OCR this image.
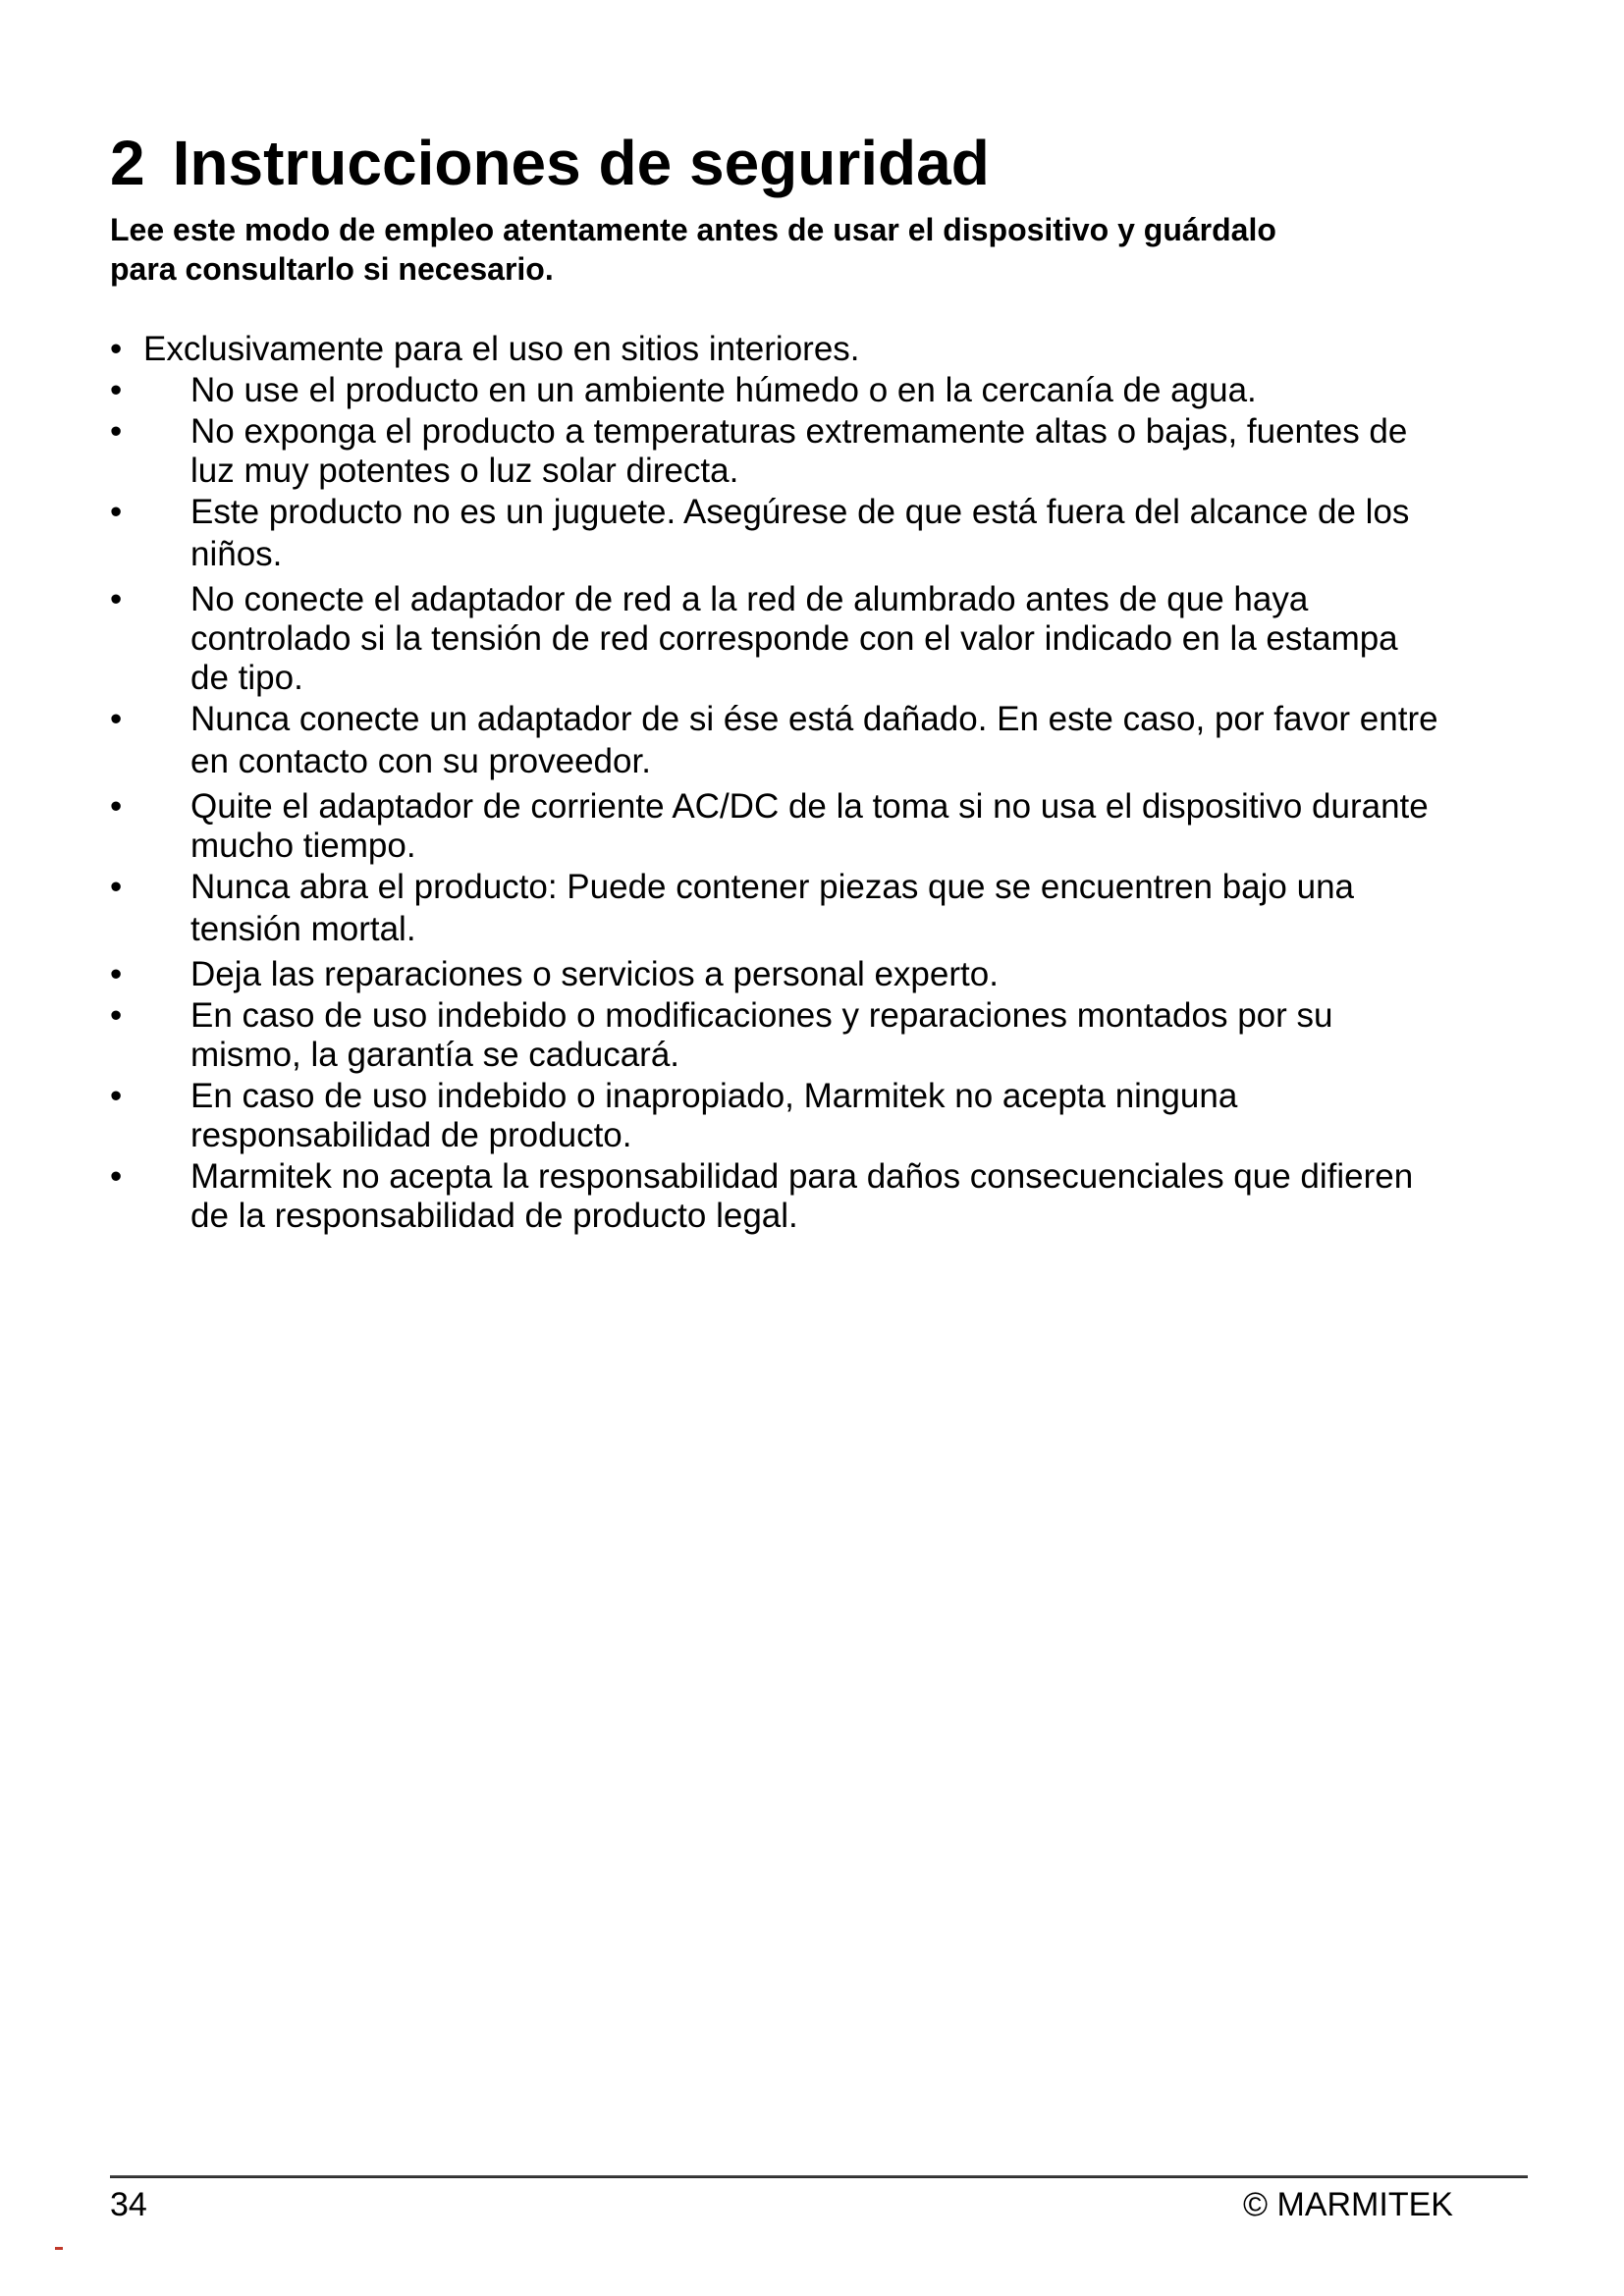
2 Instrucciones de seguridad

Lee este modo de empleo atentamente antes de usar el dispositivo y guárdalo
para consultarlo si necesario.

• Exclusivamente para el uso en sitios interiores.
•	No use el producto en un ambiente húmedo o en la cercanía de agua.
•	No exponga el producto a temperaturas extremamente altas o bajas, fuentes de
luz muy potentes o luz solar directa.
•	Este producto no es un juguete. Asegúrese de que está fuera del alcance de los
niños.
•	No conecte el adaptador de red a la red de alumbrado antes de que haya
controlado si la tensión de red corresponde con el valor indicado en la estampa
de tipo.
•	Nunca conecte un adaptador de si ése está dañado. En este caso, por favor entre
en contacto con su proveedor.
•	Quite el adaptador de corriente AC/DC de la toma si no usa el dispositivo durante
mucho tiempo.
•	Nunca abra el producto: Puede contener piezas que se encuentren bajo una
tensión mortal.
•	Deja las reparaciones o servicios a personal experto.
•	En caso de uso indebido o modificaciones y reparaciones montados por su
mismo, la garantía se caducará.
•	En caso de uso indebido o inapropiado, Marmitek no acepta ninguna
responsabilidad de producto.
•	Marmitek no acepta la responsabilidad para daños consecuenciales que difieren
de la responsabilidad de producto legal.
34	© MARMITEK
